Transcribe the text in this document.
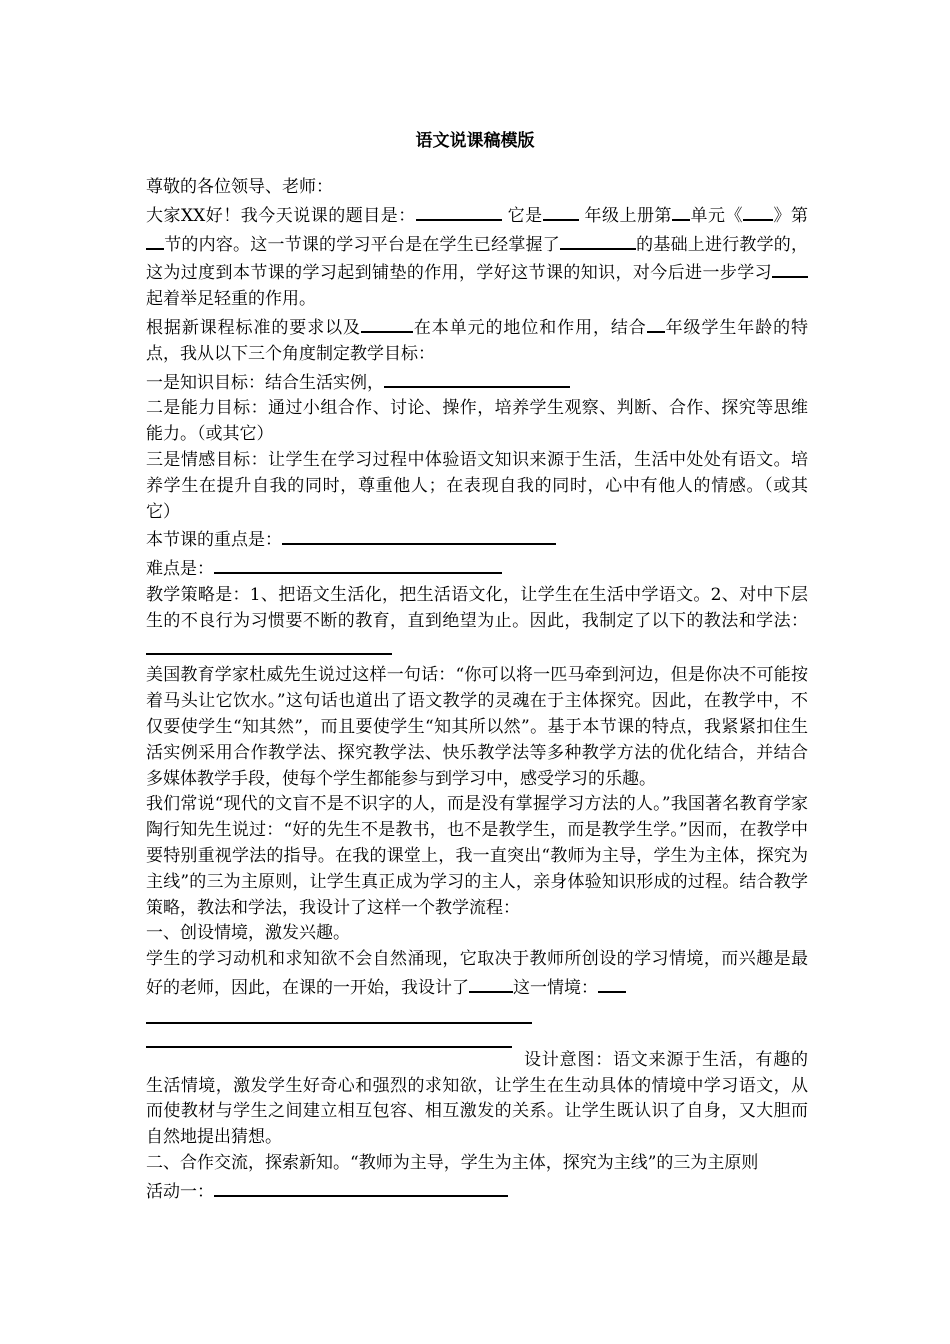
语文说课稿模版

尊敬的各位领导、老师：

大家XX好！我今天说课的题目是：	它是 年级上册第 单元《 》第节的内容。这一节课的学习平台是在学生已经掌握了	的基础上进行教学的，这为过度到本节课的学习起到铺垫的作用，学好这节课的知识，对今后进一步学习起着举足轻重的作用。

根据新课程标准的要求以及	在本单元的地位和作用，结合 年级学生年龄的特点，我从以下三个角度制定教学目标：

一是知识目标：结合生活实例，

二是能力目标：通过小组合作、讨论、操作，培养学生观察、判断、合作、探究等思维能力。（或其它）

三是情感目标：让学生在学习过程中体验语文知识来源于生活，生活中处处有语文。培养学生在提升自我的同时，尊重他人；在表现自我的同时，心中有他人的情感。（或其它）

本节课的重点是：

难点是：

教学策略是：1、把语文生活化，把生活语文化，让学生在生活中学语文。2、对中下层生的不良行为习惯要不断的教育，直到绝望为止。因此，我制定了以下的教法和学法：

美国教育学家杜威先生说过这样一句话：“你可以将一匹马牵到河边，但是你决不可能按着马头让它饮水。”这句话也道出了语文教学的灵魂在于主体探究。因此，在教学中，不仅要使学生“知其然”，而且要使学生“知其所以然”。基于本节课的特点，我紧紧扣住生活实例采用合作教学法、探究教学法、快乐教学法等多种教学方法的优化结合，并结合多媒体教学手段，使每个学生都能参与到学习中，感受学习的乐趣。

我们常说“现代的文盲不是不识字的人，而是没有掌握学习方法的人。”我国著名教育学家陶行知先生说过：“好的先生不是教书，也不是教学生，而是教学生学。”因而，在教学中要特别重视学法的指导。在我的课堂上，我一直突出“教师为主导，学生为主体，探究为主线”的三为主原则，让学生真正成为学习的主人，亲身体验知识形成的过程。结合教学策略，教法和学法，我设计了这样一个教学流程：

一、创设情境，激发兴趣。

学生的学习动机和求知欲不会自然涌现，它取决于教师所创设的学习情境，而兴趣是最好的老师，因此，在课的一开始，我设计了	这一情境：

设计意图：语文来源于生活，有趣的生活情境，激发学生好奇心和强烈的求知欲，让学生在生动具体的情境中学习语文，从而使教材与学生之间建立相互包容、相互激发的关系。让学生既认识了自身，又大胆而自然地提出猜想。

二、合作交流，探索新知。“教师为主导，学生为主体，探究为主线”的三为主原则

活动一：
